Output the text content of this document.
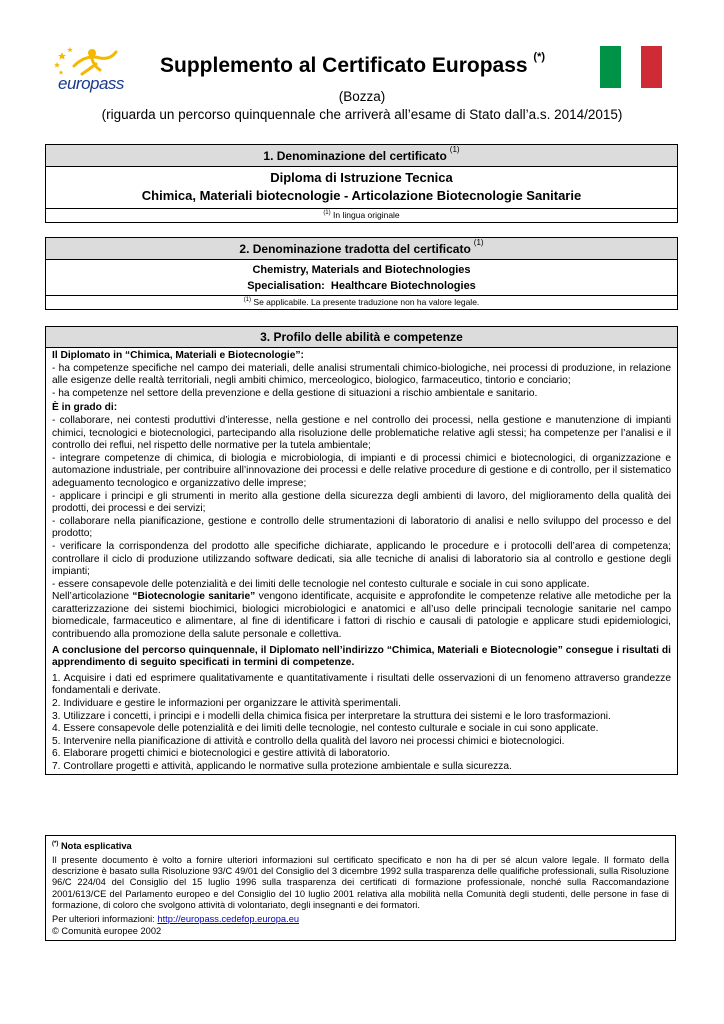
europass
Supplemento al Certificato Europass (*)
(Bozza)
(riguarda un percorso quinquennale che arriverà all’esame di Stato dall’a.s. 2014/2015)
1. Denominazione del certificato $^{(1)}$
Diploma di Istruzione Tecnica
Chimica, Materiali biotecnologie - Articolazione Biotecnologie Sanitarie
$^{(1)}$ In lingua originale
2. Denominazione tradotta del certificato $^{(1)}$
Chemistry, Materials and Biotechnologies
Specialisation:  Healthcare Biotechnologies
$^{(1)}$ Se applicabile. La presente traduzione non ha valore legale.
3. Profilo delle abilità e competenze

Il Diplomato in “Chimica, Materiali e Biotecnologie”:

- ha competenze specifiche nel campo dei materiali, delle analisi strumentali chimico-biologiche, nei processi di produzione, in relazione alle esigenze delle realtà territoriali, negli ambiti chimico, merceologico, biologico, farmaceutico, tintorio e conciario;

- ha competenze nel settore della prevenzione e della gestione di situazioni a rischio ambientale e sanitario.

È in grado di:

- collaborare, nei contesti produttivi d’interesse, nella gestione e nel controllo dei processi, nella gestione e manutenzione di impianti chimici, tecnologici e biotecnologici, partecipando alla risoluzione delle problematiche relative agli stessi; ha competenze per l’analisi e il controllo dei reflui, nel rispetto delle normative per la tutela ambientale;

- integrare competenze di chimica, di biologia e microbiologia, di impianti e di processi chimici e biotecnologici, di organizzazione e automazione industriale, per contribuire all’innovazione dei processi e delle relative procedure di gestione e di controllo, per il sistematico adeguamento tecnologico e organizzativo delle imprese;

- applicare i principi e gli strumenti in merito alla gestione della sicurezza degli ambienti di lavoro, del miglioramento della qualità dei prodotti, dei processi e dei servizi;

- collaborare nella pianificazione, gestione e controllo delle strumentazioni di laboratorio di analisi e nello sviluppo del processo e del prodotto;

- verificare la corrispondenza del prodotto alle specifiche dichiarate, applicando le procedure e i protocolli dell’area di competenza; controllare il ciclo di produzione utilizzando software dedicati, sia alle tecniche di analisi di laboratorio sia al controllo e gestione degli impianti;

- essere consapevole delle potenzialità e dei limiti delle tecnologie nel contesto culturale e sociale in cui sono applicate.

Nell’articolazione “Biotecnologie sanitarie” vengono identificate, acquisite e approfondite le competenze relative alle metodiche per la caratterizzazione dei sistemi biochimici, biologici microbiologici e anatomici e all’uso delle principali tecnologie sanitarie nel campo biomedicale, farmaceutico e alimentare, al fine di identificare i fattori di rischio e causali di patologie e applicare studi epidemiologici, contribuendo alla promozione della salute personale e collettiva.

A conclusione del percorso quinquennale, il Diplomato nell’indirizzo “Chimica, Materiali e Biotecnologie” consegue i risultati di apprendimento di seguito specificati in termini di competenze.

1. Acquisire i dati ed esprimere qualitativamente e quantitativamente i risultati delle osservazioni di un fenomeno attraverso grandezze fondamentali e derivate.

2. Individuare e gestire le informazioni per organizzare le attività sperimentali.

3. Utilizzare i concetti, i principi e i modelli della chimica fisica per interpretare la struttura dei sistemi e le loro trasformazioni.

4. Essere consapevole delle potenzialità e dei limiti delle tecnologie, nel contesto culturale e sociale in cui sono applicate.

5. Intervenire nella pianificazione di attività e controllo della qualità del lavoro nei processi chimici e biotecnologici.

6. Elaborare progetti chimici e biotecnologici e gestire attività di laboratorio.

7. Controllare progetti e attività, applicando le normative sulla protezione ambientale e sulla sicurezza.

(*) Nota esplicativa

Il presente documento è volto a fornire ulteriori informazioni sul certificato specificato e non ha di per sé alcun valore legale. Il formato della descrizione è basato sulla Risoluzione 93/C 49/01 del Consiglio del 3 dicembre 1992 sulla trasparenza delle qualifiche professionali, sulla Risoluzione 96/C 224/04 del Consiglio del 15 luglio 1996 sulla trasparenza dei certificati di formazione professionale, nonché sulla Raccomandazione 2001/613/CE del Parlamento europeo e del Consiglio del 10 luglio 2001 relativa alla mobilità nella Comunità degli studenti, delle persone in fase di formazione, di coloro che svolgono attività di volontariato, degli insegnanti e dei formatori.

Per ulteriori informazioni: http://europass.cedefop.europa.eu

© Comunità europee 2002
